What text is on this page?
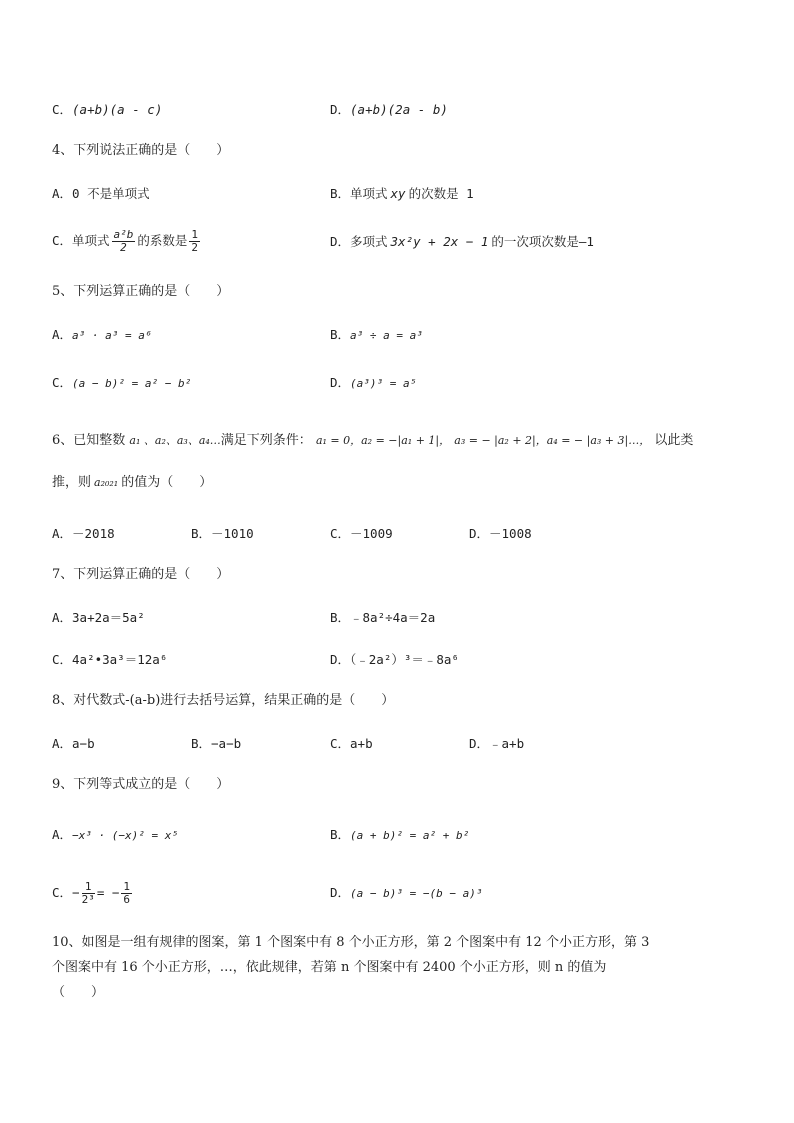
C．(a+b)(a - c)	D．(a+b)(2a - b)
4、下列说法正确的是（　　）
A．0 不是单项式	B．单项式 xy 的次数是 1
C．单项式 $\frac{\text{a²b}}{2}$ 的系数是 $\frac{1}{2}$	D．多项式 3x²y + 2x − 1 的一次项次数是—1
5、下列运算正确的是（　　）
A．a³ · a³ = a⁶	B．a³ ÷ a = a³
C．(a − b)² = a² − b²	D．(a³)³ = a⁵
6、已知整数 a₁ 、a₂、a₃、a₄…满足下列条件： a₁ = 0，a₂ = −|a₁ + 1|， a₃ = − |a₂ + 2|，a₄ = − |a₃ + 3|…， 以此类
推，则 a₂₀₂₁ 的值为（　　）
A．－2018	B．－1010	C．－1009	D．－1008
7、下列运算正确的是（　　）
A．3a+2a＝5a²	B．﹣8a²÷4a＝2a
C．4a²•3a³＝12a⁶	D．（﹣2a²）³＝﹣8a⁶
8、对代数式-(a-b)进行去括号运算，结果正确的是（　　）
A．a−b	B．−a−b	C．a+b	D．﹣a+b
9、下列等式成立的是（　　）
A．−x³ · (−x)² = x⁵	B．(a + b)² = a² + b²
C．− $\frac{1}{\text{2³}}$ = − $\frac{1}{6}$	D．(a − b)³ = −(b − a)³
10、如图是一组有规律的图案，第 1 个图案中有 8 个小正方形，第 2 个图案中有 12 个小正方形，第 3
个图案中有 16 个小正方形，…，依此规律，若第 n 个图案中有 2400 个小正方形，则 n 的值为
（　　）
